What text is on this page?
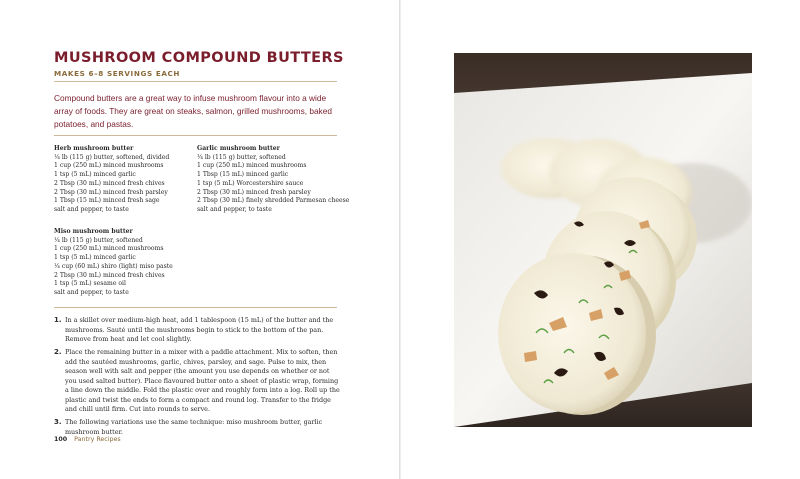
MUSHROOM COMPOUND BUTTERS
MAKES 6–8 SERVINGS EACH

Compound butters are a great way to infuse mushroom flavour into a wide array of foods. They are great on steaks, salmon, grilled mushrooms, baked potatoes, and pastas.

Herb mushroom butter
¼ lb (115 g) butter, softened, divided
1 cup (250 mL) minced mushrooms
1 tsp (5 mL) minced garlic
2 Tbsp (30 mL) minced fresh chives
2 Tbsp (30 mL) minced fresh parsley
1 Tbsp (15 mL) minced fresh sage
salt and pepper, to taste
Garlic mushroom butter
¼ lb (115 g) butter, softened
1 cup (250 mL) minced mushrooms
1 Tbsp (15 mL) minced garlic
1 tsp (5 mL) Worcestershire sauce
2 Tbsp (30 mL) minced fresh parsley
2 Tbsp (30 mL) finely shredded Parmesan cheese
salt and pepper, to taste
Miso mushroom butter
¼ lb (115 g) butter, softened
1 cup (250 mL) minced mushrooms
1 tsp (5 mL) minced garlic
¼ cup (60 mL) shiro (light) miso paste
2 Tbsp (30 mL) minced fresh chives
1 tsp (5 mL) sesame oil
salt and pepper, to taste
1. In a skillet over medium-high heat, add 1 tablespoon (15 mL) of the butter and the mushrooms. Sauté until the mushrooms begin to stick to the bottom of the pan. Remove from heat and let cool slightly.
2. Place the remaining butter in a mixer with a paddle attachment. Mix to soften, then add the sautéed mushrooms, garlic, chives, parsley, and sage. Pulse to mix, then season well with salt and pepper (the amount you use depends on whether or not you used salted butter). Place flavoured butter onto a sheet of plastic wrap, forming a line down the middle. Fold the plastic over and roughly form into a log. Roll up the plastic and twist the ends to form a compact and round log. Transfer to the fridge and chill until firm. Cut into rounds to serve.
3. The following variations use the same technique: miso mushroom butter, garlic mushroom butter.
100 Pantry Recipes
